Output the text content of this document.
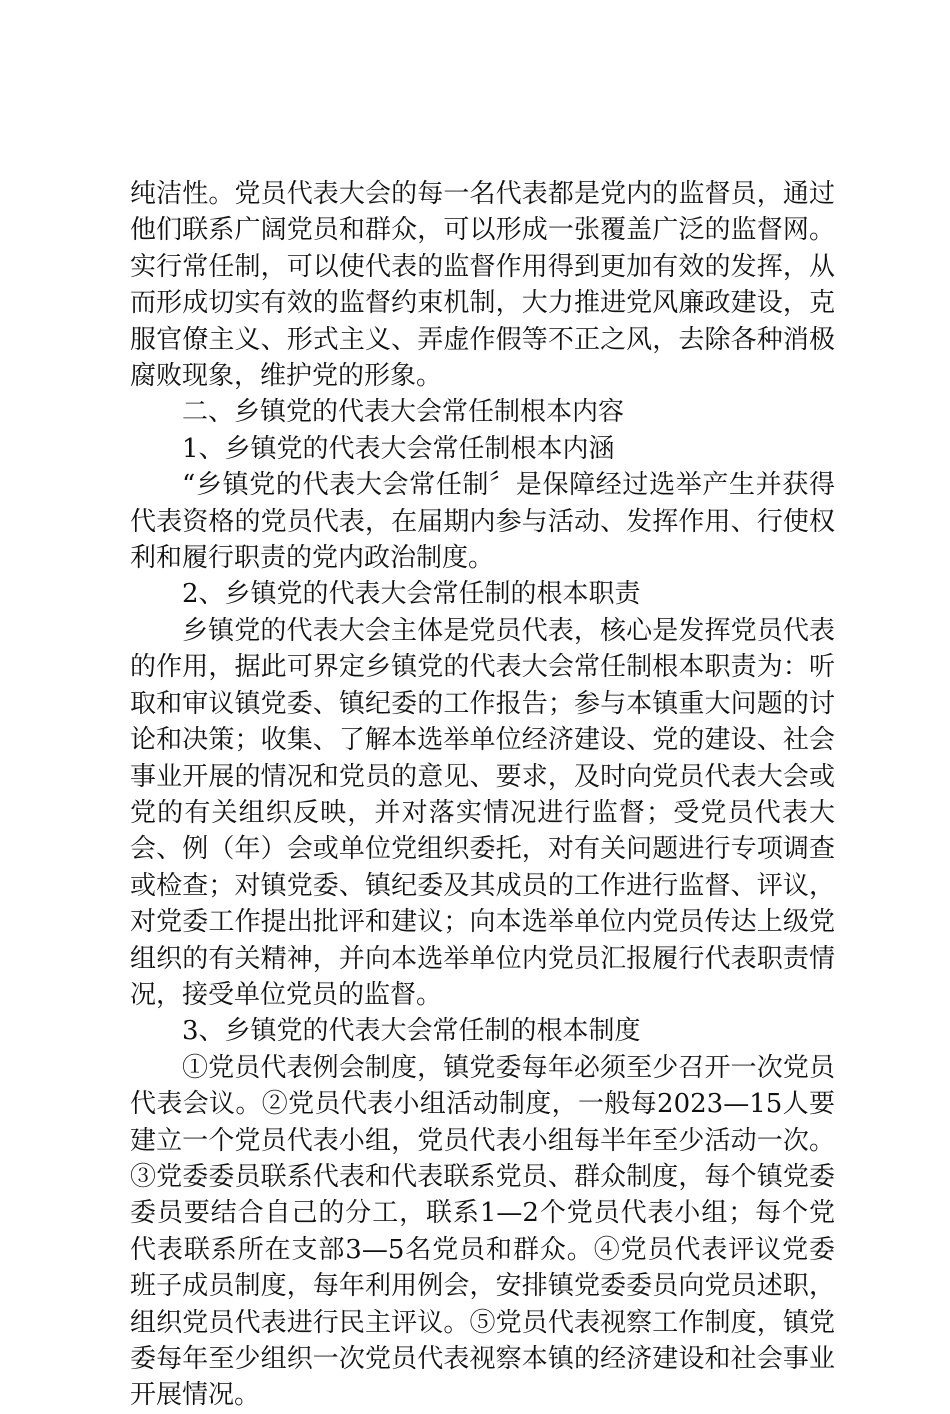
纯洁性。党员代表大会的每一名代表都是党内的监督员，通过他们联系广阔党员和群众，可以形成一张覆盖广泛的监督网。实行常任制，可以使代表的监督作用得到更加有效的发挥，从而形成切实有效的监督约束机制，大力推进党风廉政建设，克服官僚主义、形式主义、弄虚作假等不正之风，去除各种消极腐败现象，维护党的形象。

二、乡镇党的代表大会常任制根本内容

1、乡镇党的代表大会常任制根本内涵

“乡镇党的代表大会常任制〞是保障经过选举产生并获得代表资格的党员代表，在届期内参与活动、发挥作用、行使权利和履行职责的党内政治制度。

2、乡镇党的代表大会常任制的根本职责

乡镇党的代表大会主体是党员代表，核心是发挥党员代表的作用，据此可界定乡镇党的代表大会常任制根本职责为：听取和审议镇党委、镇纪委的工作报告；参与本镇重大问题的讨论和决策；收集、了解本选举单位经济建设、党的建设、社会事业开展的情况和党员的意见、要求，及时向党员代表大会或党的有关组织反映，并对落实情况进行监督；受党员代表大会、例（年）会或单位党组织委托，对有关问题进行专项调查或检查；对镇党委、镇纪委及其成员的工作进行监督、评议，对党委工作提出批评和建议；向本选举单位内党员传达上级党组织的有关精神，并向本选举单位内党员汇报履行代表职责情况，接受单位党员的监督。

3、乡镇党的代表大会常任制的根本制度

①党员代表例会制度，镇党委每年必须至少召开一次党员代表会议。②党员代表小组活动制度，一般每2023—15人要建立一个党员代表小组，党员代表小组每半年至少活动一次。③党委委员联系代表和代表联系党员、群众制度，每个镇党委委员要结合自己的分工，联系1—2个党员代表小组；每个党代表联系所在支部3—5名党员和群众。④党员代表评议党委班子成员制度，每年利用例会，安排镇党委委员向党员述职，组织党员代表进行民主评议。⑤党员代表视察工作制度，镇党委每年至少组织一次党员代表视察本镇的经济建设和社会事业开展情况。
